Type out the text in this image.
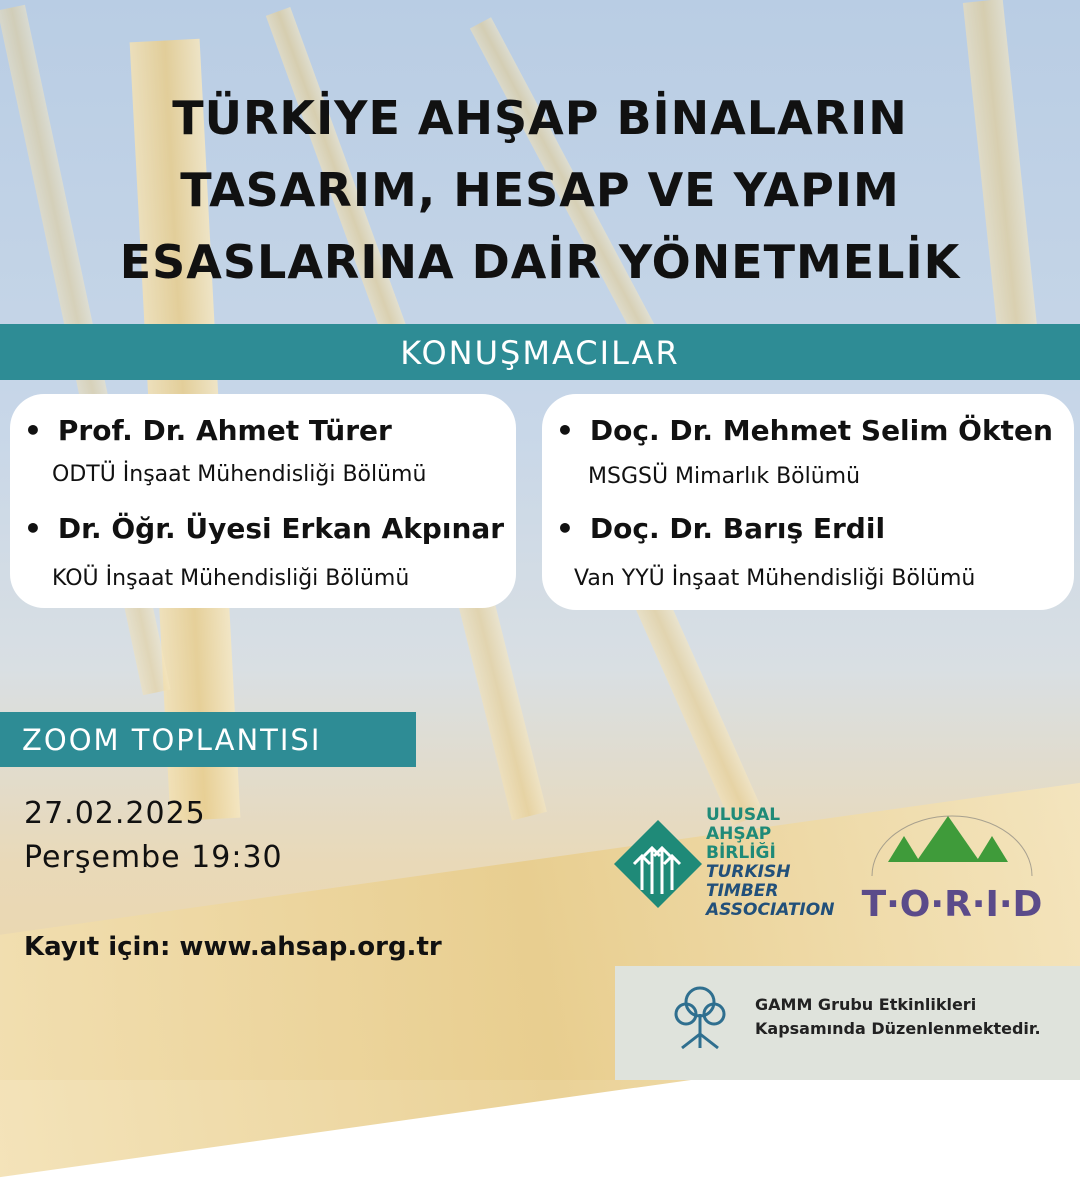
TÜRKİYE AHŞAP BİNALARIN
TASARIM, HESAP VE YAPIM
ESASLARINA DAİR YÖNETMELİK
KONUŞMACILAR
• Prof. Dr. Ahmet Türer
ODTÜ İnşaat Mühendisliği Bölümü
• Dr. Öğr. Üyesi Erkan Akpınar
KOÜ İnşaat Mühendisliği Bölümü
• Doç. Dr. Mehmet Selim Ökten
MSGSÜ Mimarlık Bölümü
• Doç. Dr. Barış Erdil
Van YYÜ İnşaat Mühendisliği Bölümü
ZOOM TOPLANTISI
27.02.2025
Perşembe 19:30
Kayıt için: www.ahsap.org.tr
ULUSAL
AHŞAP
BİRLİĞİ
TURKISH
TIMBER
ASSOCIATION T·O·R·I·D
GAMM Grubu Etkinlikleri
Kapsamında Düzenlenmektedir.
